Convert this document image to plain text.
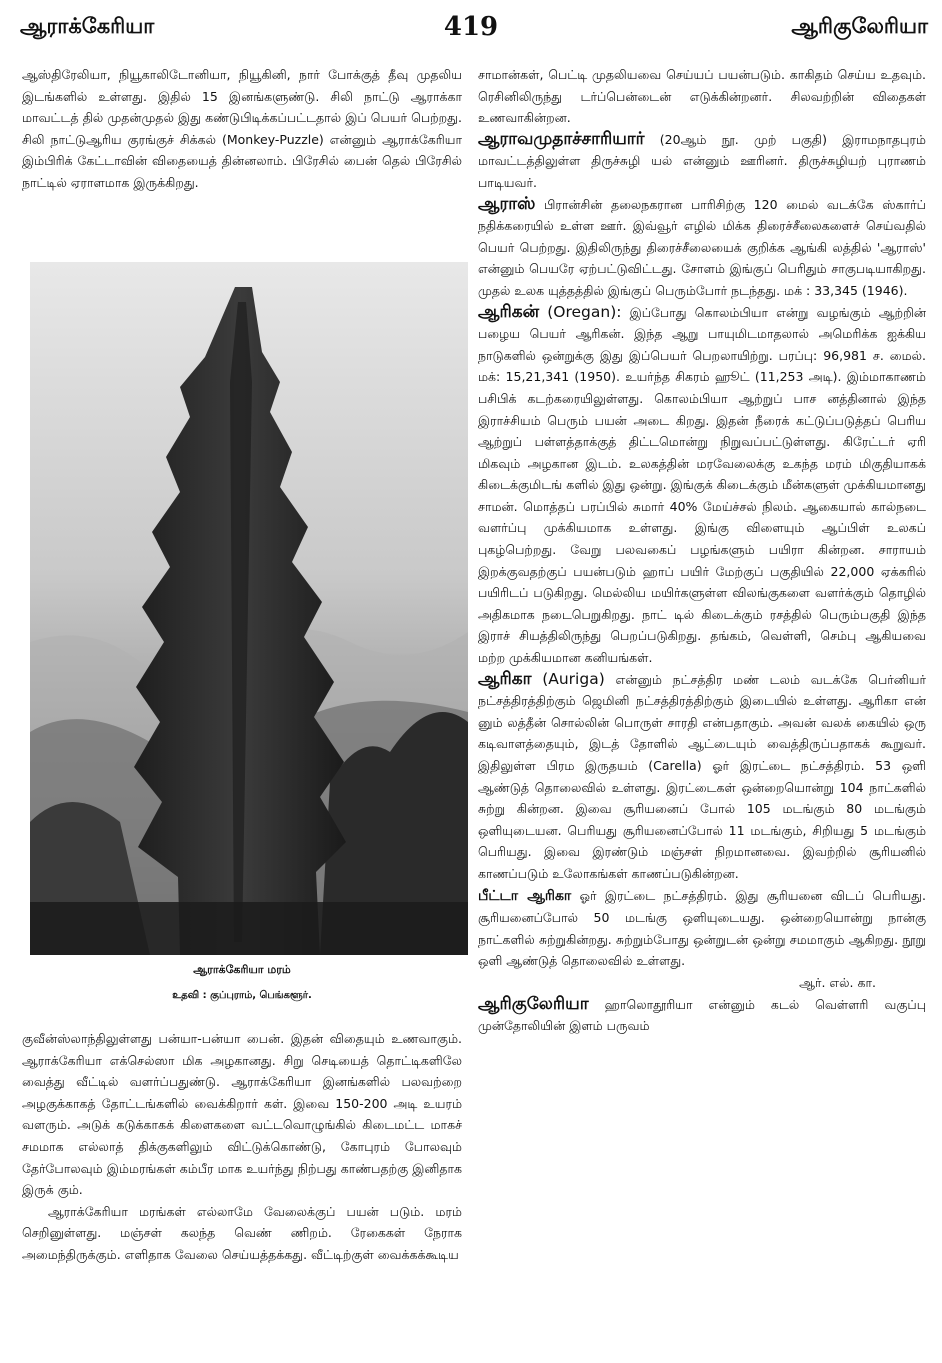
ஆராக்கேரியா	419	ஆரிகுலேரியா

ஆஸ்திரேலியா, நியூகாலிடோனியா, நியூகினி, நார் போக்குத் தீவு முதலிய இடங்களில் உள்ளது. இதில் 15 இனங்களுண்டு. சிலி நாட்டு ஆராக்கா மாவட்டத் தில் முதன்முதல் இது கண்டுபிடிக்கப்பட்டதால் இப் பெயர் பெற்றது. சிலி நாட்டுஆரிய குரங்குச் சிக்கல் (Monkey-Puzzle) என்னும் ஆராக்கேரியா இம்பிரிக் கேட்டாவின் விதையைத் தின்னலாம். பிரேசில் பைன் தெல் பிரேசில் நாட்டில் ஏராளமாக இருக்கிறது.

ஆராக்கேரியா மரம்
உதவி : குப்புராம், பெங்களூர்.

குவீன்ஸ்லாந்திலுள்ளது பன்யா-பன்யா பைன். இதன் விதையும் உணவாகும். ஆராக்கேரியா எக்செல்ஸா மிக அழகானது. சிறு செடியைத் தொட்டிகளிலே வைத்து வீட்டில் வளர்ப்பதுண்டு. ஆராக்கேரியா இனங்களில் பலவற்றை அழகுக்காகத் தோட்டங்களில் வைக்கிறார் கள். இவை 150-200 அடி உயரம் வளரும். அடுக் கடுக்காகக் கிளைகளை வட்டவொழுங்கில் கிடைமட்ட மாகச் சமமாக எல்லாத் திக்குகளிலும் விட்டுக்கொண்டு, கோபுரம் போலவும் தேர்போலவும் இம்மரங்கள் கம்பீர மாக உயர்ந்து நிற்பது காண்பதற்கு இனிதாக இருக் கும்.

ஆராக்கேரியா மரங்கள் எல்லாமே வேலைக்குப் பயன் படும். மரம் செறினுள்ளது. மஞ்சள் கலந்த வெண் ணிறம். ரேகைகள் நேராக அமைந்திருக்கும். எளிதாக வேலை செய்யத்தக்கது. வீட்டிற்குள் வைக்கக்கூடிய

சாமான்கள், பெட்டி முதலியவை செய்யப் பயன்படும். காகிதம் செய்ய உதவும். ரெசினிலிருந்து டர்ப்பென்டைன் எடுக்கின்றனர். சிலவற்றின் விதைகள் உணவாகின்றன.

ஆராவமுதாச்சாரியார் (20ஆம் நூ. முற் பகுதி) இராமநாதபுரம் மாவட்டத்திலுள்ள திருச்சுழி யல் என்னும் ஊரினர். திருச்சுழியற் புராணம் பாடியவர்.

ஆராஸ் பிரான்சின் தலைநகரான பாரிசிற்கு 120 மைல் வடக்கே ஸ்கார்ப் நதிக்கரையில் உள்ள ஊர். இவ்வூர் எழில் மிக்க திரைச்சீலைகளைச் செய்வதில் பெயர் பெற்றது. இதிலிருந்து திரைச்சீலையைக் குறிக்க ஆங்கி லத்தில் 'ஆராஸ்' என்னும் பெயரே ஏற்பட்டுவிட்டது. சோளம் இங்குப் பெரிதும் சாகுபடியாகிறது. முதல் உலக யுத்தத்தில் இங்குப் பெரும்போர் நடந்தது. மக் : 33,345 (1946).

ஆரிகன் (Oregan): இப்போது கொலம்பியா என்று வழங்கும் ஆற்றின் பழைய பெயர் ஆரிகன். இந்த ஆறு பாயுமிடமாதலால் அமெரிக்க ஐக்கிய நாடுகளில் ஒன்றுக்கு இது இப்பெயர் பெறலாயிற்று. பரப்பு: 96,981 ச. மைல். மக்: 15,21,341 (1950). உயர்ந்த சிகரம் ஹூட் (11,253 அடி). இம்மாகாணம் பசிபிக் கடற்கரையிலுள்ளது. கொலம்பியா ஆற்றுப் பாச னத்தினால் இந்த இராச்சியம் பெரும் பயன் அடை கிறது. இதன் நீரைக் கட்டுப்படுத்தப் பெரிய ஆற்றுப் பள்ளத்தாக்குத் திட்டமொன்று நிறுவப்பட்டுள்ளது. கிரேட்டர் ஏரி மிகவும் அழகான இடம். உலகத்தின் மரவேலைக்கு உகந்த மரம் மிகுதியாகக் கிடைக்குமிடங் களில் இது ஒன்று. இங்குக் கிடைக்கும் மீன்களுள் முக்கியமானது சாமன். மொத்தப் பரப்பில் சுமார் 40% மேய்ச்சல் நிலம். ஆகையால் கால்நடை வளர்ப்பு முக்கியமாக உள்ளது. இங்கு விளையும் ஆப்பிள் உலகப் புகழ்பெற்றது. வேறு பலவகைப் பழங்களும் பயிரா கின்றன. சாராயம் இறக்குவதற்குப் பயன்படும் ஹாப் பயிர் மேற்குப் பகுதியில் 22,000 ஏக்கரில் பயிரிடப் படுகிறது. மெல்லிய மயிர்களுள்ள விலங்குகளை வளர்க்கும் தொழில் அதிகமாக நடைபெறுகிறது. நாட் டில் கிடைக்கும் ரசத்தில் பெரும்பகுதி இந்த இராச் சியத்திலிருந்து பெறப்படுகிறது. தங்கம், வெள்ளி, செம்பு ஆகியவை மற்ற முக்கியமான கனியங்கள்.

ஆரிகா (Auriga) என்னும் நட்சத்திர மண் டலம் வடக்கே பெர்னியர் நட்சத்திரத்திற்கும் ஜெமினி நட்சத்திரத்திற்கும் இடையில் உள்ளது. ஆரிகா என் னும் லத்தீன் சொல்லின் பொருள் சாரதி என்பதாகும். அவன் வலக் கையில் ஒரு கடிவாளத்தையும், இடத் தோளில் ஆட்டையும் வைத்திருப்பதாகக் கூறுவர். இதிலுள்ள பிரம இருதயம் (Carella) ஓர் இரட்டை நட்சத்திரம். 53 ஒளி ஆண்டுத் தொலைவில் உள்ளது. இரட்டைகள் ஒன்றையொன்று 104 நாட்களில் சுற்று கின்றன. இவை சூரியனைப் போல் 105 மடங்கும் 80 மடங்கும் ஒளியுடையன. பெரியது சூரியனைப்போல் 11 மடங்கும், சிறியது 5 மடங்கும் பெரியது. இவை இரண்டும் மஞ்சள் நிறமானவை. இவற்றில் சூரியனில் காணப்படும் உலோகங்கள் காணப்படுகின்றன.

பீட்டா ஆரிகா ஓர் இரட்டை நட்சத்திரம். இது சூரியனை விடப் பெரியது. சூரியனைப்போல் 50 மடங்கு ஒளியுடையது. ஒன்றையொன்று நான்கு நாட்களில் சுற்றுகின்றது. சுற்றும்போது ஒன்றுடன் ஒன்று சமமாகும் ஆகிறது. நூறு ஒளி ஆண்டுத் தொலைவில் உள்ளது.
ஆர். எல். கா.

ஆரிகுலேரியா ஹாலொதூரியா என்னும் கடல் வெள்ளரி வகுப்பு முன்தோலியின் இளம் பருவம்
